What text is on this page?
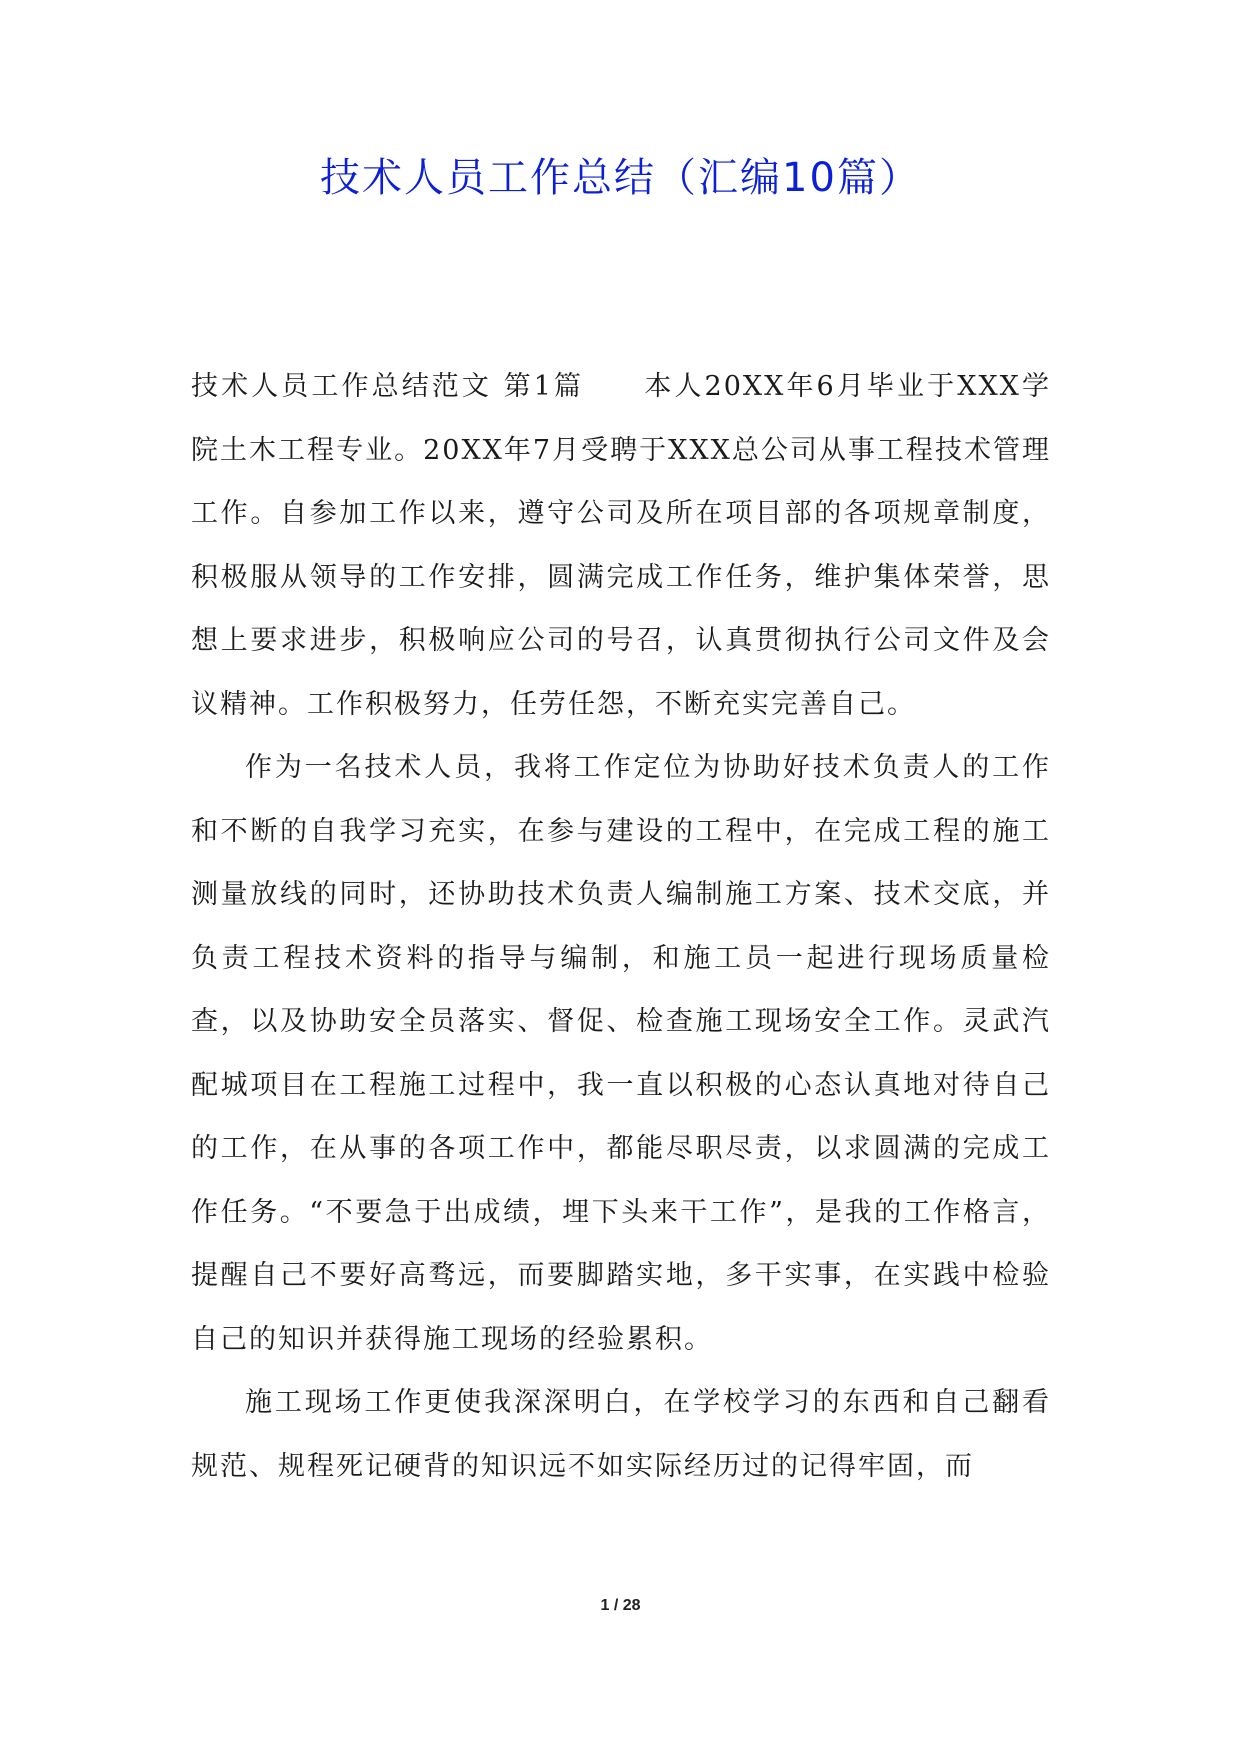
技术人员工作总结（汇编10篇）

技术人员工作总结范文 第1篇　　本人20XX年6月毕业于XXX学院土木工程专业。20XX年7月受聘于XXX总公司从事工程技术管理工作。自参加工作以来，遵守公司及所在项目部的各项规章制度，积极服从领导的工作安排，圆满完成工作任务，维护集体荣誉，思想上要求进步，积极响应公司的号召，认真贯彻执行公司文件及会议精神。工作积极努力，任劳任怨，不断充实完善自己。

作为一名技术人员，我将工作定位为协助好技术负责人的工作和不断的自我学习充实，在参与建设的工程中，在完成工程的施工测量放线的同时，还协助技术负责人编制施工方案、技术交底，并负责工程技术资料的指导与编制，和施工员一起进行现场质量检查，以及协助安全员落实、督促、检查施工现场安全工作。灵武汽配城项目在工程施工过程中，我一直以积极的心态认真地对待自己的工作，在从事的各项工作中，都能尽职尽责，以求圆满的完成工作任务。“不要急于出成绩，埋下头来干工作”，是我的工作格言，提醒自己不要好高骛远，而要脚踏实地，多干实事，在实践中检验自己的知识并获得施工现场的经验累积。

施工现场工作更使我深深明白，在学校学习的东西和自己翻看规范、规程死记硬背的知识远不如实际经历过的记得牢固，而

1 / 28
